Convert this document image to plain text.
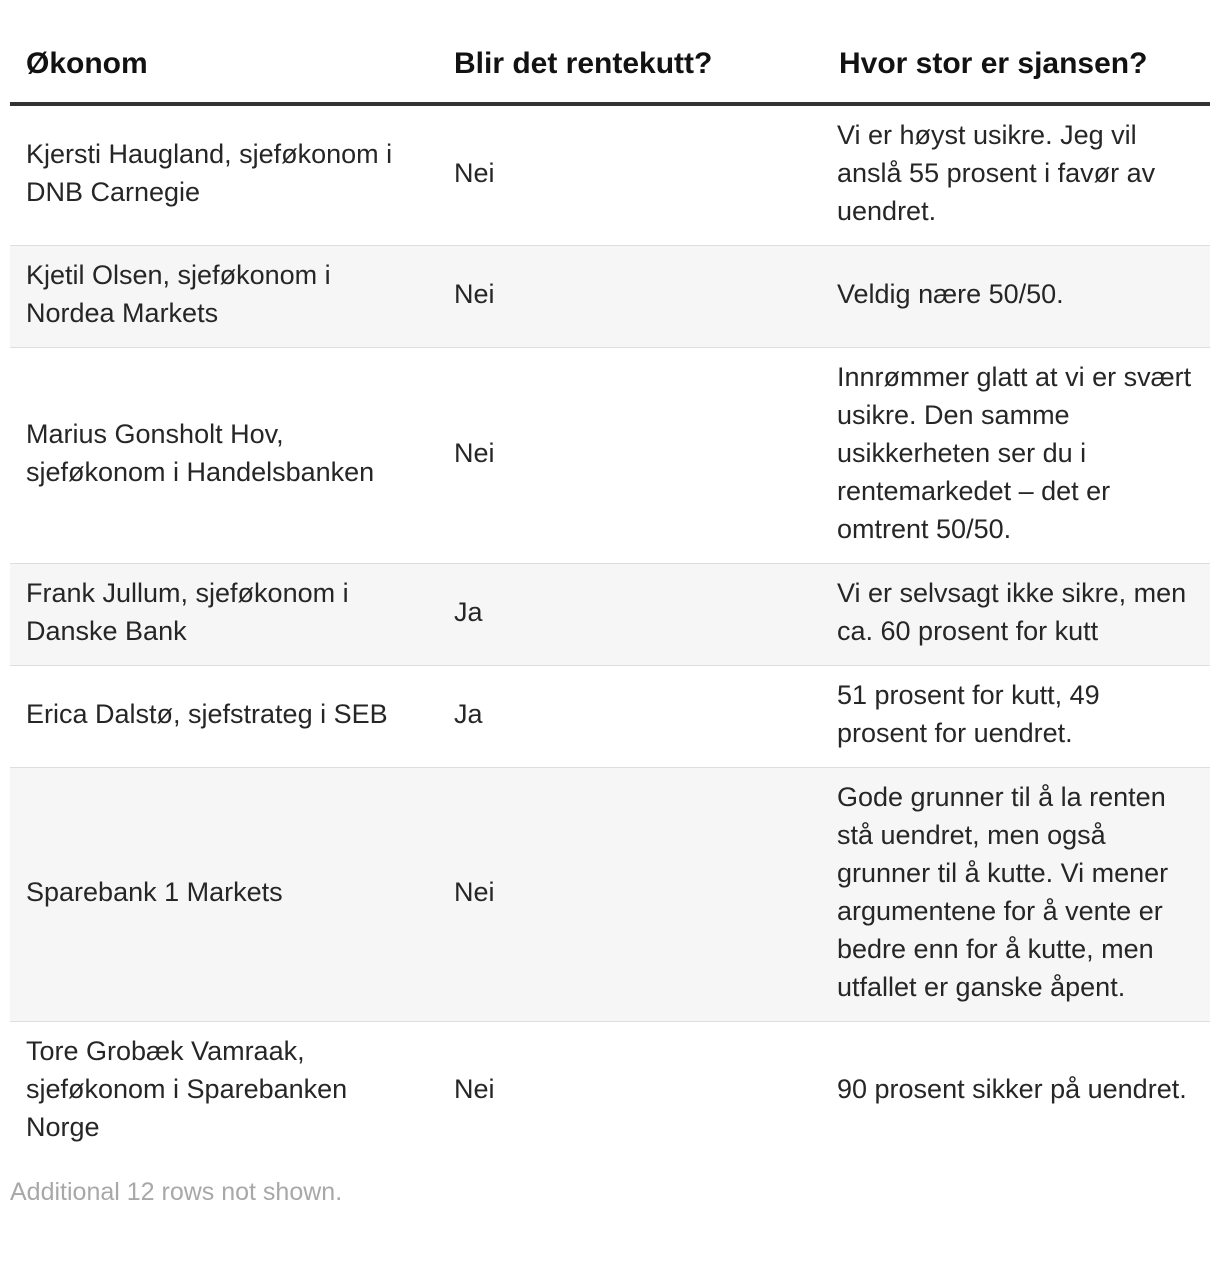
Økonom	Blir det rentekutt?	Hvor stor er sjansen?
Kjersti Haugland, sjeføkonom i DNB Carnegie	Nei	Vi er høyst usikre. Jeg vil anslå 55 prosent i favør av uendret.
Kjetil Olsen, sjeføkonom i Nordea Markets	Nei	Veldig nære 50/50.
Marius Gonsholt Hov, sjeføkonom i Handelsbanken	Nei	Innrømmer glatt at vi er svært usikre. Den samme usikkerheten ser du i rentemarkedet – det er omtrent 50/50.
Frank Jullum, sjeføkonom i Danske Bank	Ja	Vi er selvsagt ikke sikre, men ca. 60 prosent for kutt
Erica Dalstø, sjefstrateg i SEB	Ja	51 prosent for kutt, 49 prosent for uendret.
Sparebank 1 Markets	Nei	Gode grunner til å la renten stå uendret, men også grunner til å kutte. Vi mener argumentene for å vente er bedre enn for å kutte, men utfallet er ganske åpent.
Tore Grobæk Vamraak, sjeføkonom i Sparebanken Norge	Nei	90 prosent sikker på uendret.
Additional 12 rows not shown.
